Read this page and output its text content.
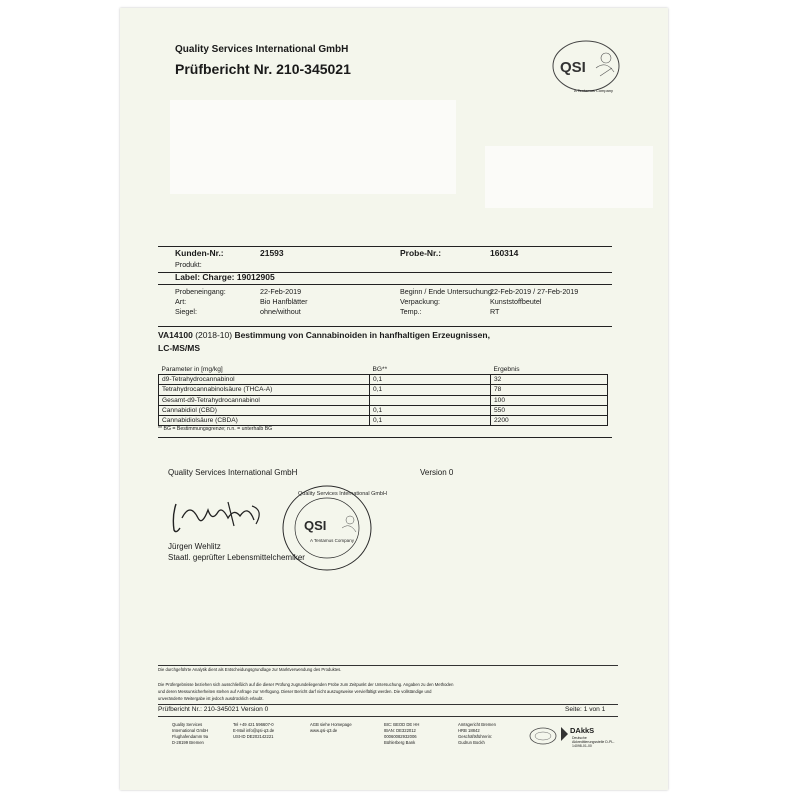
Quality Services International GmbH
Prüfbericht Nr. 210-345021	QSI
A Tentamus Company
Kunden-Nr.:	21593	Probe-Nr.:	160314
Produkt:
Label: Charge: 19012905
Probeneingang:	22-Feb-2019	Beginn / Ende Untersuchung:
22-Feb-2019 / 27-Feb-2019
Art:	Bio Hanfblätter	Verpackung:	Kunststoffbeutel
Siegel:	ohne/without	Temp.:	RT
VA14100 (2018-10) Bestimmung von Cannabinoiden in hanfhaltigen Erzeugnissen,
LC-MS/MS
Parameter in [mg/kg]	BG**	Ergebnis
d9-Tetrahydrocannabinol	0,1	32
Tetrahydrocannabinolsäure (THCA-A)	0,1	78
Gesamt-d9-Tetrahydrocannabinol		100
Cannabidiol (CBD)	0,1	550
Cannabidiolsäure (CBDA)	0,1	2200
** BG = Bestimmungsgrenze; n.n. = unterhalb BG
Quality Services International GmbH	Version 0
Quality Services International GmbH
QSI
A Tentamus Company
Jürgen Wehlitz
Staatl. geprüfter Lebensmittelchemiker
Die durchgeführte Analytik dient als Entscheidungsgrundlage zur Marktverwendung des Produktes.
Die Prüfergebnisse beziehen sich ausschließlich auf die dieser Prüfung zugrundeliegenden Probe zum Zeitpunkt der Untersuchung. Angaben zu den Methoden
und deren Messunsicherheiten stehen auf Anfrage zur Verfügung. Dieser Bericht darf nicht auszugsweise vervielfältigt werden. Die vollständige und
unveränderte Weitergabe ist jedoch ausdrücklich erlaubt.
Prüfbericht Nr.: 210-345021 Version 0	Seite: 1 von 1
Quality Services
International GmbH
Flughafendamm 9a
D-28199 Bremen
Tel +49 421 596607-0
E-Mail info@qsi-q3.de
USt-ID DE202142221
AGB siehe Homepage
www.qsi-q3.de
BIC: BEOD DE HH
IBAN: DE322012
00060082932006
Bühlerberg Bank
Amtsgericht Bremen
HRB 18842
Geschäftsführerin:
Gudrun Bockh
DAkkS
Deutsche Akkreditierungsstelle D-PL-14098-01-00
